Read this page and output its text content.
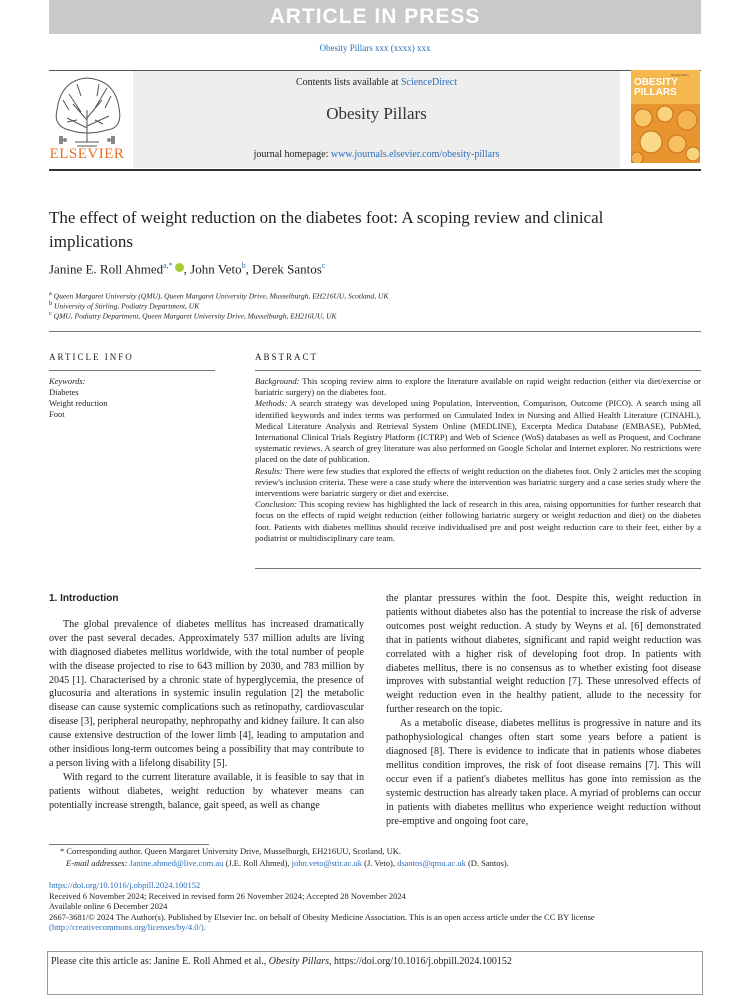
ARTICLE IN PRESS
Obesity Pillars xxx (xxxx) xxx
ELSEVIER
Contents lists available at ScienceDirect
Obesity Pillars
journal homepage: www.journals.elsevier.com/obesity-pillars
OBESITY
PILLARS
Obesity Pillars
The effect of weight reduction on the diabetes foot: A scoping review and clinical implications
Janine E. Roll Ahmed$^{a,*}$ , John Veto$^b$, Derek Santos$^c$
$^a$ Queen Margaret University (QMU), Queen Margaret University Drive, Musselburgh, EH216UU, Scotland, UK
$^b$ University of Stirling, Podiatry Department, UK
$^c$ QMU, Podiatry Department, Queen Margaret University Drive, Musselburgh, EH216UU, UK
ARTICLE INFO	ABSTRACT
Keywords:
Diabetes
Weight reduction
Foot

Background: This scoping review aims to explore the literature available on rapid weight reduction (either via diet/exercise or bariatric surgery) on the diabetes foot.

Methods: A search strategy was developed using Population, Intervention, Comparison, Outcome (PICO). A search using all identified keywords and index terms was performed on Cumulated Index in Nursing and Allied Health Literature (CINAHL), Medical Literature Analysis and Retrieval System Online (MEDLINE), Excerpta Medica Database (EMBASE), PubMed, International Clinical Trials Registry Platform (ICTRP) and Web of Science (WoS) databases as well as Proquest, and Cochrane systematic reviews. A search of grey literature was also performed on Google Scholar and Internet explorer. No restrictions were placed on the date of publication.

Results: There were few studies that explored the effects of weight reduction on the diabetes foot. Only 2 articles met the scoping review's inclusion criteria. These were a case study where the intervention was bariatric surgery and a case series study where the interventions were bariatric surgery or diet and exercise.

Conclusion: This scoping review has highlighted the lack of research in this area, raising opportunities for further research that focus on the effects of rapid weight reduction (either following bariatric surgery or weight reduction and diet) on the diabetes foot. Patients with diabetes mellitus should receive individualised pre and post weight reduction care to their feet, either by a podiatrist or multidisciplinary care team.

1. Introduction

The global prevalence of diabetes mellitus has increased dramatically over the past several decades. Approximately 537 million adults are living with diagnosed diabetes mellitus worldwide, with the total number of people with the disease projected to rise to 643 million by 2030, and 783 million by 2045 [1]. Characterised by a chronic state of hyperglycemia, the presence of glucosuria and alterations in systemic insulin regulation [2] the metabolic disease can cause systemic complications such as retinopathy, cardiovascular disease [3], peripheral neuropathy, nephropathy and kidney failure. It can also cause extensive destruction of the lower limb [4], leading to amputation and other insidious long-term outcomes being a possibility that may contribute to a person living with a lifelong disability [5].

With regard to the current literature available, it is feasible to say that in patients without diabetes, weight reduction by whatever means can potentially increase strength, balance, gait speed, as well as change

the plantar pressures within the foot. Despite this, weight reduction in patients without diabetes also has the potential to increase the risk of adverse outcomes post weight reduction. A study by Weyns et al. [6] demonstrated that in patients without diabetes, significant and rapid weight reduction was correlated with a higher risk of developing foot drop. In patients with diabetes mellitus, there is no consensus as to whether existing foot disease improves with substantial weight reduction [7]. These unresolved effects of weight reduction even in the healthy patient, allude to the necessity for further research on the topic.

As a metabolic disease, diabetes mellitus is progressive in nature and its pathophysiological changes often start some years before a patient is diagnosed [8]. There is evidence to indicate that in patients whose diabetes mellitus condition improves, the risk of foot disease remains [7]. This will occur even if a patient's diabetes mellitus has gone into remission as the systemic destruction has already taken place. A myriad of problems can occur in patients with diabetes mellitus who experience weight reduction without pre-emptive and ongoing foot care,

* Corresponding author. Queen Margaret University Drive, Musselburgh, EH216UU, Scotland, UK.
E-mail addresses: Janine.ahmed@live.com.au (J.E. Roll Ahmed), john.veto@stir.ac.uk (J. Veto), dsantos@qmu.ac.uk (D. Santos).
https://doi.org/10.1016/j.obpill.2024.100152
Received 6 November 2024; Received in revised form 26 November 2024; Accepted 28 November 2024
Available online 6 December 2024
2667-3681/© 2024 The Author(s). Published by Elsevier Inc. on behalf of Obesity Medicine Association. This is an open access article under the CC BY license
(http://creativecommons.org/licenses/by/4.0/).
Please cite this article as: Janine E. Roll Ahmed et al., Obesity Pillars, https://doi.org/10.1016/j.obpill.2024.100152
